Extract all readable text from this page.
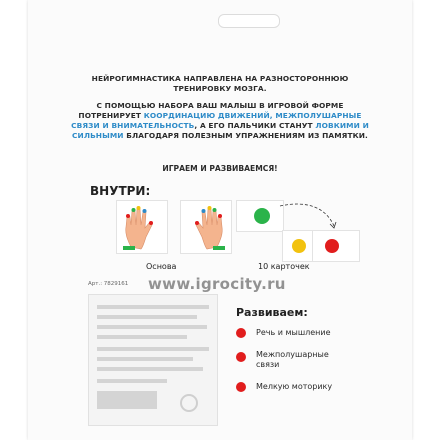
НЕЙРОГИМНАСТИКА НАПРАВЛЕНА НА РАЗНОСТОРОННЮЮ ТРЕНИРОВКУ МОЗГА.

С ПОМОЩЬЮ НАБОРА ВАШ МАЛЫШ В ИГРОВОЙ ФОРМЕ ПОТРЕНИРУЕТ КООРДИНАЦИЮ ДВИЖЕНИЙ, МЕЖПОЛУШАРНЫЕ СВЯЗИ И ВНИМАТЕЛЬНОСТЬ, А ЕГО ПАЛЬЧИКИ СТАНУТ ЛОВКИМИ И СИЛЬНЫМИ БЛАГОДАРЯ ПОЛЕЗНЫМ УПРАЖНЕНИЯМ ИЗ ПАМЯТКИ.

ИГРАЕМ И РАЗВИВАЕМСЯ!
ВНУТРИ:
Основа	10 карточек
Арт.: 7829161 www.igrocity.ru
Развиваем:
Речь и мышление
Межполушарные связи
Мелкую моторику
